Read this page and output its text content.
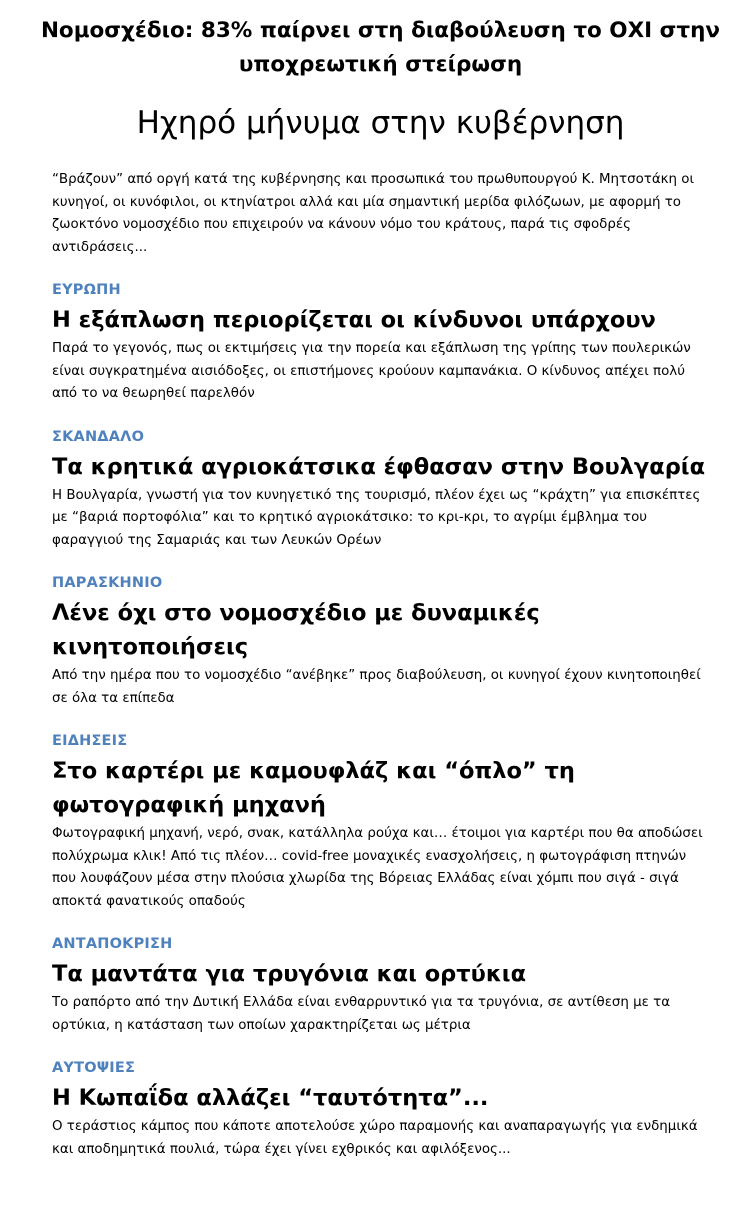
Νομοσχέδιο: 83% παίρνει στη διαβούλευση το ΟΧΙ στην υποχρεωτική στείρωση
Ηχηρό μήνυμα στην κυβέρνηση
“Βράζουν” από οργή κατά της κυβέρνησης και προσωπικά του πρωθυπουργού Κ. Μητσοτάκη οι κυνηγοί, οι κυνόφιλοι, οι κτηνίατροι αλλά και μία σημαντική μερίδα φιλόζωων, με αφορμή το ζωοκτόνο νομοσχέδιο που επιχειρούν να κάνουν νόμο του κράτους, παρά τις σφοδρές αντιδράσεις...
ΕΥΡΩΠΗ
Η εξάπλωση περιορίζεται οι κίνδυνοι υπάρχουν
Παρά το γεγονός, πως οι εκτιμήσεις για την πορεία και εξάπλωση της γρίπης των πουλερικών είναι συγκρατημένα αισιόδοξες, οι επιστήμονες κρούουν καμπανάκια. Ο κίνδυνος απέχει πολύ από το να θεωρηθεί παρελθόν
ΣΚΑΝΔΑΛΟ
Τα κρητικά αγριοκάτσικα έφθασαν στην Βουλγαρία
Η Βουλγαρία, γνωστή για τον κυνηγετικό της τουρισμό, πλέον έχει ως “κράχτη” για επισκέπτες με “βαριά πορτοφόλια” και το κρητικό αγριοκάτσικο: το κρι-κρι, το αγρίμι έμβλημα του φαραγγιού της Σαμαριάς και των Λευκών Ορέων
ΠΑΡΑΣΚΗΝΙΟ
Λένε όχι στο νομοσχέδιο με δυναμικές κινητοποιήσεις
Από την ημέρα που το νομοσχέδιο “ανέβηκε” προς διαβούλευση, οι κυνηγοί έχουν κινητοποιηθεί σε όλα τα επίπεδα
ΕΙΔΗΣΕΙΣ
Στο καρτέρι με καμουφλάζ και “όπλο” τη φωτογραφική μηχανή
Φωτογραφική μηχανή, νερό, σνακ, κατάλληλα ρούχα και… έτοιμοι για καρτέρι που θα αποδώσει πολύχρωμα κλικ! Από τις πλέον… covid-free μοναχικές ενασχολήσεις, η φωτογράφιση πτηνών που λουφάζουν μέσα στην πλούσια χλωρίδα της Βόρειας Ελλάδας είναι χόμπι που σιγά - σιγά αποκτά φανατικούς οπαδούς
ΑΝΤΑΠΟΚΡΙΣΗ
Τα μαντάτα για τρυγόνια και ορτύκια
Το ραπόρτο από την Δυτική Ελλάδα είναι ενθαρρυντικό για τα τρυγόνια, σε αντίθεση με τα ορτύκια, η κατάσταση των οποίων χαρακτηρίζεται ως μέτρια
ΑΥΤΟΨΙΕΣ
Η Κωπαΐδα αλλάζει “ταυτότητα”...
Ο τεράστιος κάμπος που κάποτε αποτελούσε χώρο παραμονής και αναπαραγωγής για ενδημικά και αποδημητικά πουλιά, τώρα έχει γίνει εχθρικός και αφιλόξενος...
